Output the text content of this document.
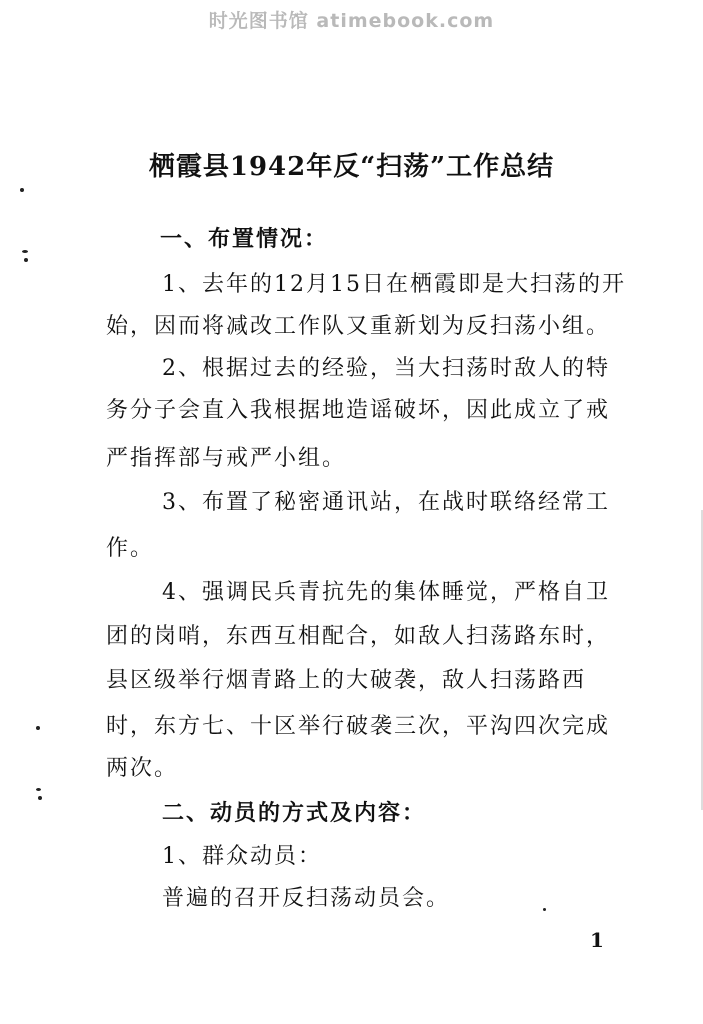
时光图书馆 atimebook.com
栖霞县1942年反“扫荡”工作总结
一、布置情况：
1、去年的12月15日在栖霞即是大扫荡的开
始，因而将减改工作队又重新划为反扫荡小组。
2、根据过去的经验，当大扫荡时敌人的特
务分子会直入我根据地造谣破坏，因此成立了戒
严指挥部与戒严小组。
3、布置了秘密通讯站，在战时联络经常工
作。
4、强调民兵青抗先的集体睡觉，严格自卫
团的岗哨，东西互相配合，如敌人扫荡路东时，
县区级举行烟青路上的大破袭，敌人扫荡路西
时，东方七、十区举行破袭三次，平沟四次完成
两次。
二、动员的方式及内容：
1、群众动员：
普遍的召开反扫荡动员会。
1
